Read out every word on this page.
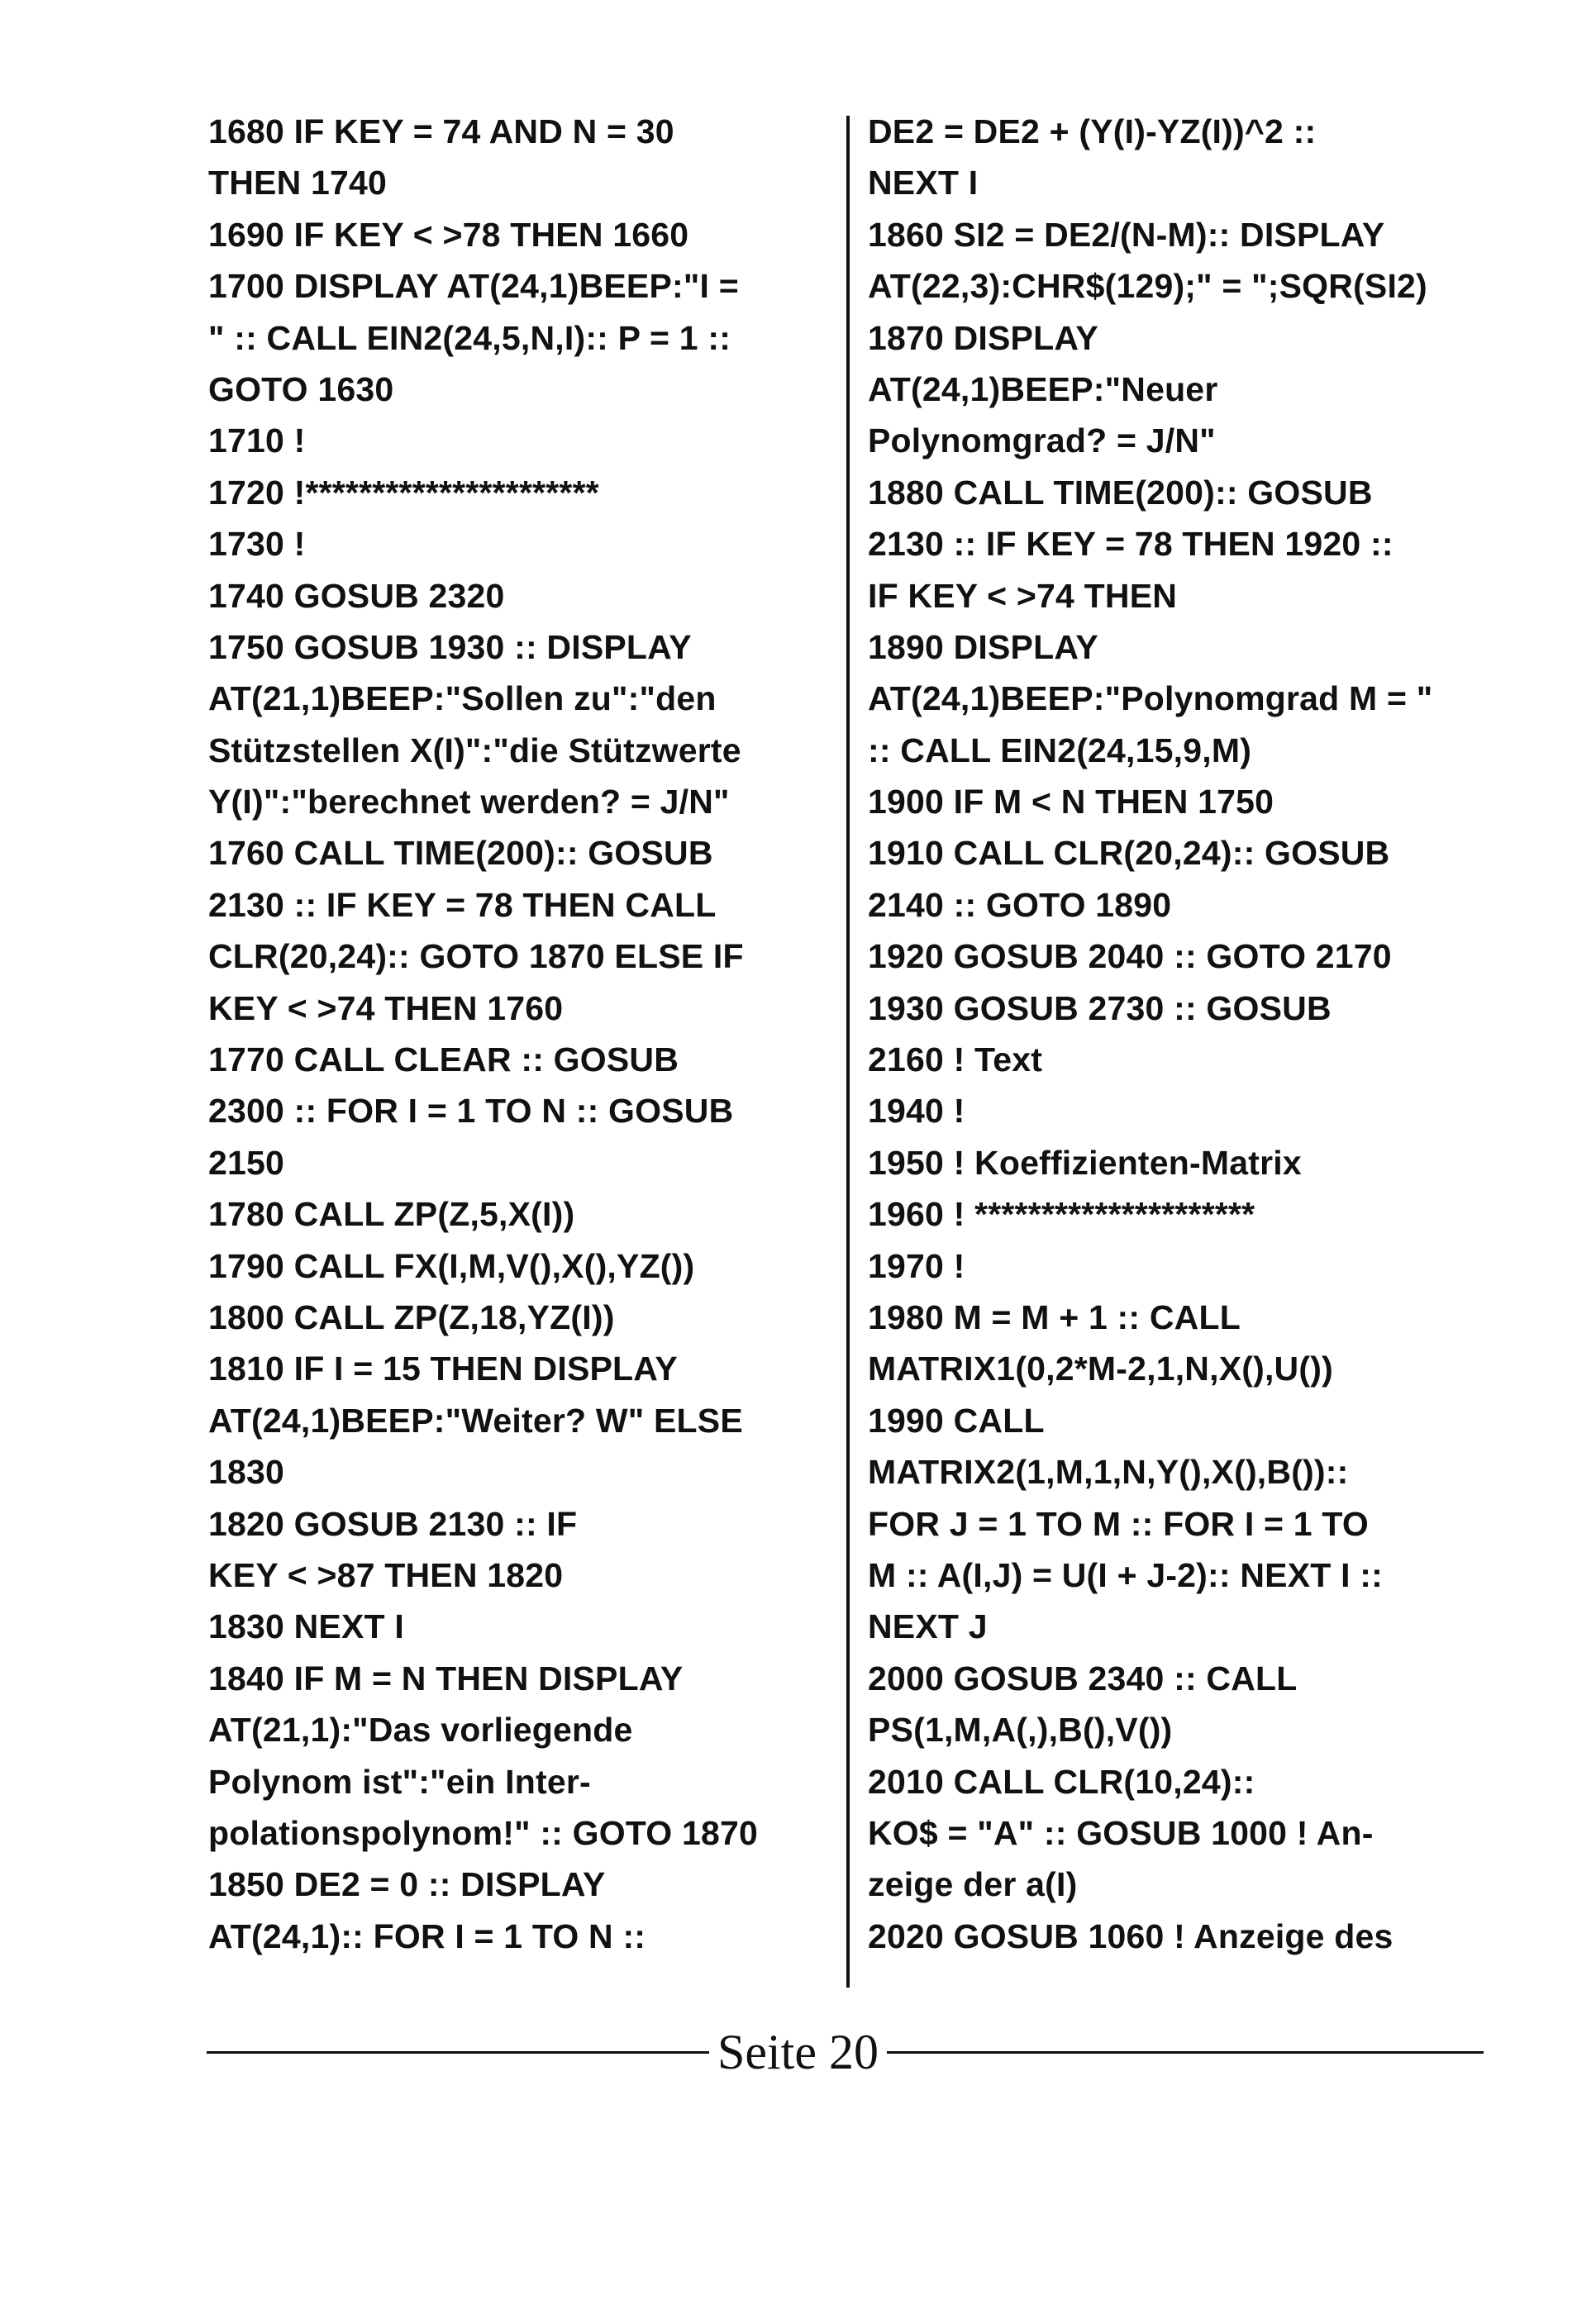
1680 IF KEY = 74 AND N = 30
THEN 1740
1690 IF KEY < >78 THEN 1660
1700 DISPLAY AT(24,1)BEEP:"I =
" :: CALL EIN2(24,5,N,I):: P = 1 ::
GOTO 1630
1710 !
1720 !**********************
1730 !
1740 GOSUB 2320
1750 GOSUB 1930 :: DISPLAY
AT(21,1)BEEP:"Sollen zu":"den
Stützstellen X(I)":"die Stützwerte
Y(I)":"berechnet werden? = J/N"
1760 CALL TIME(200):: GOSUB
2130 :: IF KEY = 78 THEN CALL
CLR(20,24):: GOTO 1870 ELSE IF
KEY < >74 THEN 1760
1770 CALL CLEAR :: GOSUB
2300 :: FOR I = 1 TO N :: GOSUB
2150
1780 CALL ZP(Z,5,X(I))
1790 CALL FX(I,M,V(),X(),YZ())
1800 CALL ZP(Z,18,YZ(I))
1810 IF I = 15 THEN DISPLAY
AT(24,1)BEEP:"Weiter? W" ELSE
1830
1820 GOSUB 2130 :: IF
KEY < >87 THEN 1820
1830 NEXT I
1840 IF M = N THEN DISPLAY
AT(21,1):"Das vorliegende
Polynom ist":"ein Inter-
polationspolynom!" :: GOTO 1870
1850 DE2 = 0 :: DISPLAY
AT(24,1):: FOR I = 1 TO N ::
DE2 = DE2 + (Y(I)-YZ(I))^2 ::
NEXT I
1860 SI2 = DE2/(N-M):: DISPLAY
AT(22,3):CHR$(129);" = ";SQR(SI2)
1870 DISPLAY
AT(24,1)BEEP:"Neuer
Polynomgrad? = J/N"
1880 CALL TIME(200):: GOSUB
2130 :: IF KEY = 78 THEN 1920 ::
IF KEY < >74 THEN
1890 DISPLAY
AT(24,1)BEEP:"Polynomgrad M = "
:: CALL EIN2(24,15,9,M)
1900 IF M < N THEN 1750
1910 CALL CLR(20,24):: GOSUB
2140 :: GOTO 1890
1920 GOSUB 2040 :: GOTO 2170
1930 GOSUB 2730 :: GOSUB
2160 ! Text
1940 !
1950 ! Koeffizienten-Matrix
1960 ! *********************
1970 !
1980 M = M + 1 :: CALL
MATRIX1(0,2*M-2,1,N,X(),U())
1990 CALL
MATRIX2(1,M,1,N,Y(),X(),B())::
FOR J = 1 TO M :: FOR I = 1 TO
M :: A(I,J) = U(I + J-2):: NEXT I ::
NEXT J
2000 GOSUB 2340 :: CALL
PS(1,M,A(,),B(),V())
2010 CALL CLR(10,24)::
KO$ = "A" :: GOSUB 1000 ! An-
zeige der a(I)
2020 GOSUB 1060 ! Anzeige des
Seite 20
